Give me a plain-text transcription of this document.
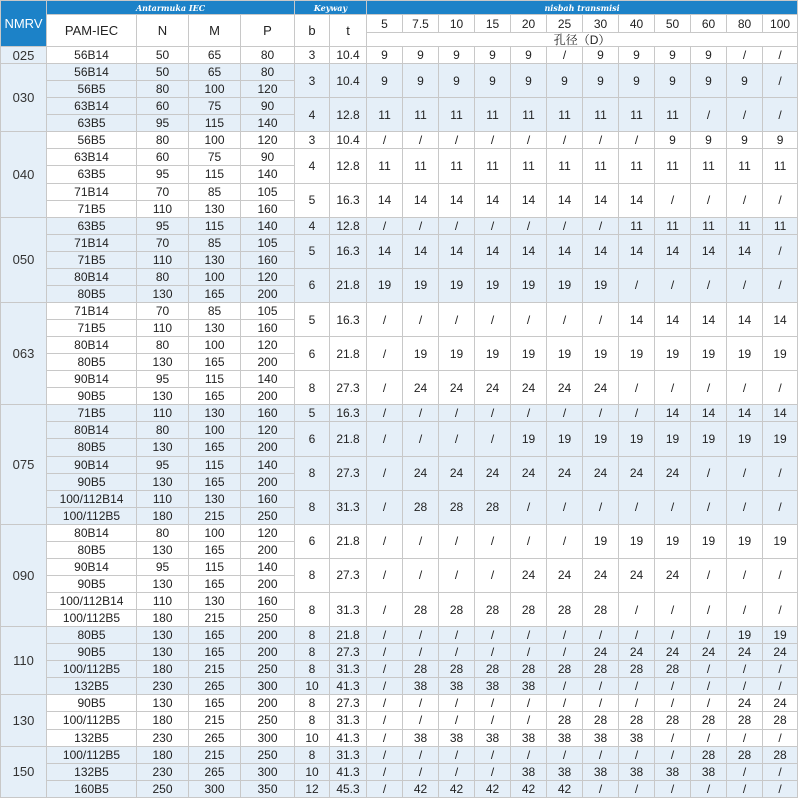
NMRV	Antarmuka IEC				Keyway		nisbah transmisi											
	PAM-IEC	N	M	P	b	t	5	7.5	10	15	20	25	30	40	50	60	80	100
							孔径（D）											
025	56B14	50	65	80	3	10.4	9	9	9	9	9	/	9	9	9	9	/	/
030	56B14	50	65	80	3	10.4	9	9	9	9	9	9	9	9	9	9	9	/
	56B5	80	100	120														
	63B14	60	75	90	4	12.8	11	11	11	11	11	11	11	11	11	/	/	/
	63B5	95	115	140														
040	56B5	80	100	120	3	10.4	/	/	/	/	/	/	/	/	9	9	9	9
	63B14	60	75	90	4	12.8	11	11	11	11	11	11	11	11	11	11	11	11
	63B5	95	115	140														
	71B14	70	85	105	5	16.3	14	14	14	14	14	14	14	14	/	/	/	/
	71B5	110	130	160														
050	63B5	95	115	140	4	12.8	/	/	/	/	/	/	/	11	11	11	11	11
	71B14	70	85	105	5	16.3	14	14	14	14	14	14	14	14	14	14	14	/
	71B5	110	130	160														
	80B14	80	100	120	6	21.8	19	19	19	19	19	19	19	/	/	/	/	/
	80B5	130	165	200														
063	71B14	70	85	105	5	16.3	/	/	/	/	/	/	/	14	14	14	14	14
	71B5	110	130	160														
	80B14	80	100	120	6	21.8	/	19	19	19	19	19	19	19	19	19	19	19
	80B5	130	165	200														
	90B14	95	115	140	8	27.3	/	24	24	24	24	24	24	/	/	/	/	/
	90B5	130	165	200														
075	71B5	110	130	160	5	16.3	/	/	/	/	/	/	/	/	14	14	14	14
	80B14	80	100	120	6	21.8	/	/	/	/	19	19	19	19	19	19	19	19
	80B5	130	165	200														
	90B14	95	115	140	8	27.3	/	24	24	24	24	24	24	24	24	/	/	/
	90B5	130	165	200														
	100/112B14	110	130	160	8	31.3	/	28	28	28	/	/	/	/	/	/	/	/
	100/112B5	180	215	250														
090	80B14	80	100	120	6	21.8	/	/	/	/	/	/	19	19	19	19	19	19
	80B5	130	165	200														
	90B14	95	115	140	8	27.3	/	/	/	/	24	24	24	24	24	/	/	/
	90B5	130	165	200														
	100/112B14	110	130	160	8	31.3	/	28	28	28	28	28	28	/	/	/	/	/
	100/112B5	180	215	250														
110	80B5	130	165	200	8	21.8	/	/	/	/	/	/	/	/	/	/	19	19
	90B5	130	165	200	8	27.3	/	/	/	/	/	/	24	24	24	24	24	24
	100/112B5	180	215	250	8	31.3	/	28	28	28	28	28	28	28	28	/	/	/
	132B5	230	265	300	10	41.3	/	38	38	38	38	/	/	/	/	/	/	/
130	90B5	130	165	200	8	27.3	/	/	/	/	/	/	/	/	/	/	24	24
	100/112B5	180	215	250	8	31.3	/	/	/	/	/	28	28	28	28	28	28	28
	132B5	230	265	300	10	41.3	/	38	38	38	38	38	38	38	/	/	/	/
150	100/112B5	180	215	250	8	31.3	/	/	/	/	/	/	/	/	/	28	28	28
	132B5	230	265	300	10	41.3	/	/	/	/	38	38	38	38	38	38	/	/
	160B5	250	300	350	12	45.3	/	42	42	42	42	42	/	/	/	/	/	/
